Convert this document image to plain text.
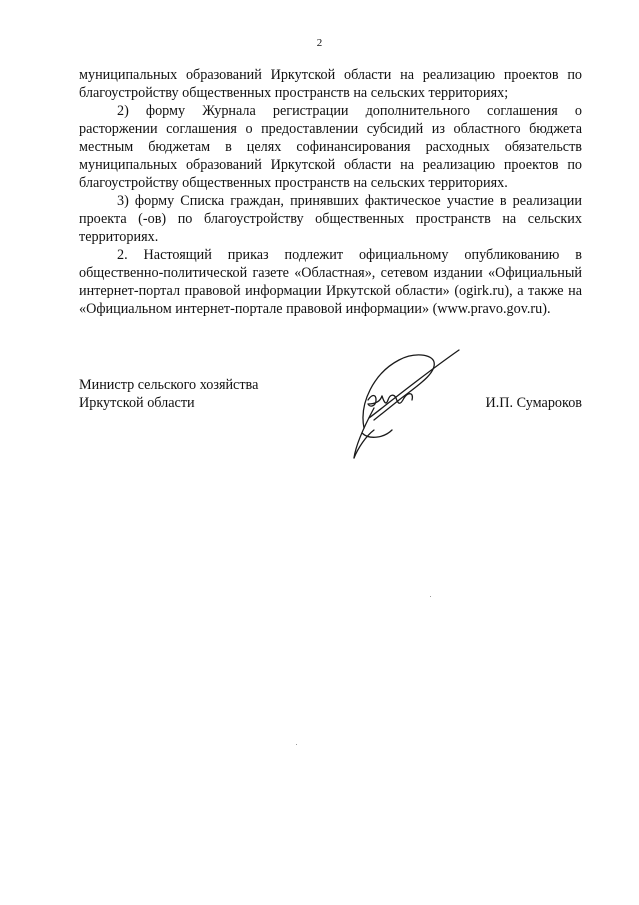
2

муниципальных образований Иркутской области на реализацию проектов по благоустройству общественных пространств на сельских территориях;

2) форму Журнала регистрации дополнительного соглашения о расторжении соглашения о предоставлении субсидий из областного бюджета местным бюджетам в целях софинансирования расходных обязательств муниципальных образований Иркутской области на реализацию проектов по благоустройству общественных пространств на сельских территориях.

3) форму Списка граждан, принявших фактическое участие в реализации проекта (-ов) по благоустройству общественных пространств на сельских территориях.

2. Настоящий приказ подлежит официальному опубликованию в общественно-политической газете «Областная», сетевом издании «Официальный интернет-портал правовой информации Иркутской области» (ogirk.ru), а также на «Официальном интернет-портале правовой информации» (www.pravo.gov.ru).

Министр сельского хозяйства
Иркутской области	И.П. Сумароков
